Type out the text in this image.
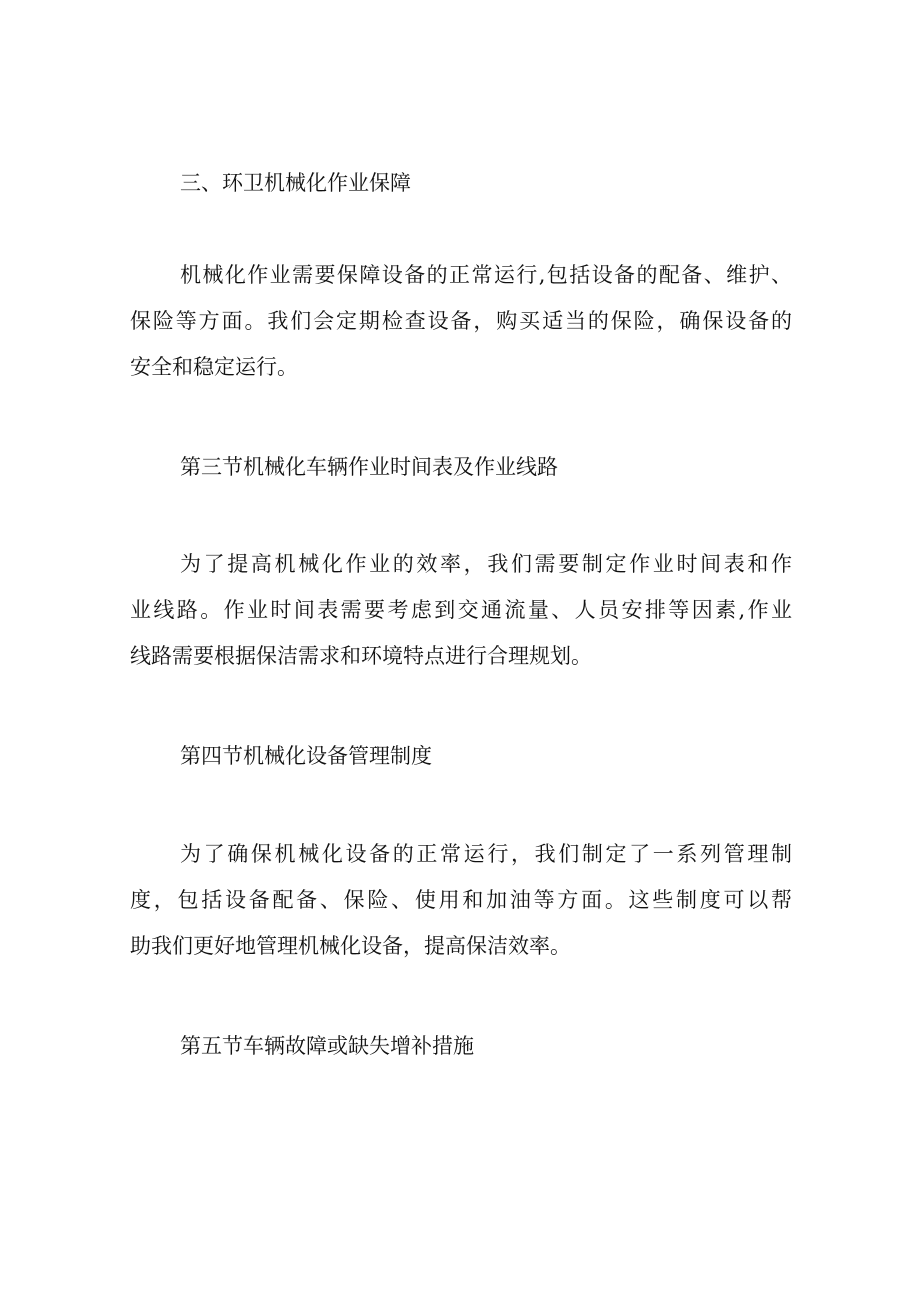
三、环卫机械化作业保障

机械化作业需要保障设备的正常运行,包括设备的配备、维护、
保险等方面。我们会定期检查设备，购买适当的保险，确保设备的
安全和稳定运行。

第三节机械化车辆作业时间表及作业线路

为了提高机械化作业的效率，我们需要制定作业时间表和作
业线路。作业时间表需要考虑到交通流量、人员安排等因素,作业
线路需要根据保洁需求和环境特点进行合理规划。

第四节机械化设备管理制度

为了确保机械化设备的正常运行，我们制定了一系列管理制
度，包括设备配备、保险、使用和加油等方面。这些制度可以帮
助我们更好地管理机械化设备，提高保洁效率。

第五节车辆故障或缺失增补措施
